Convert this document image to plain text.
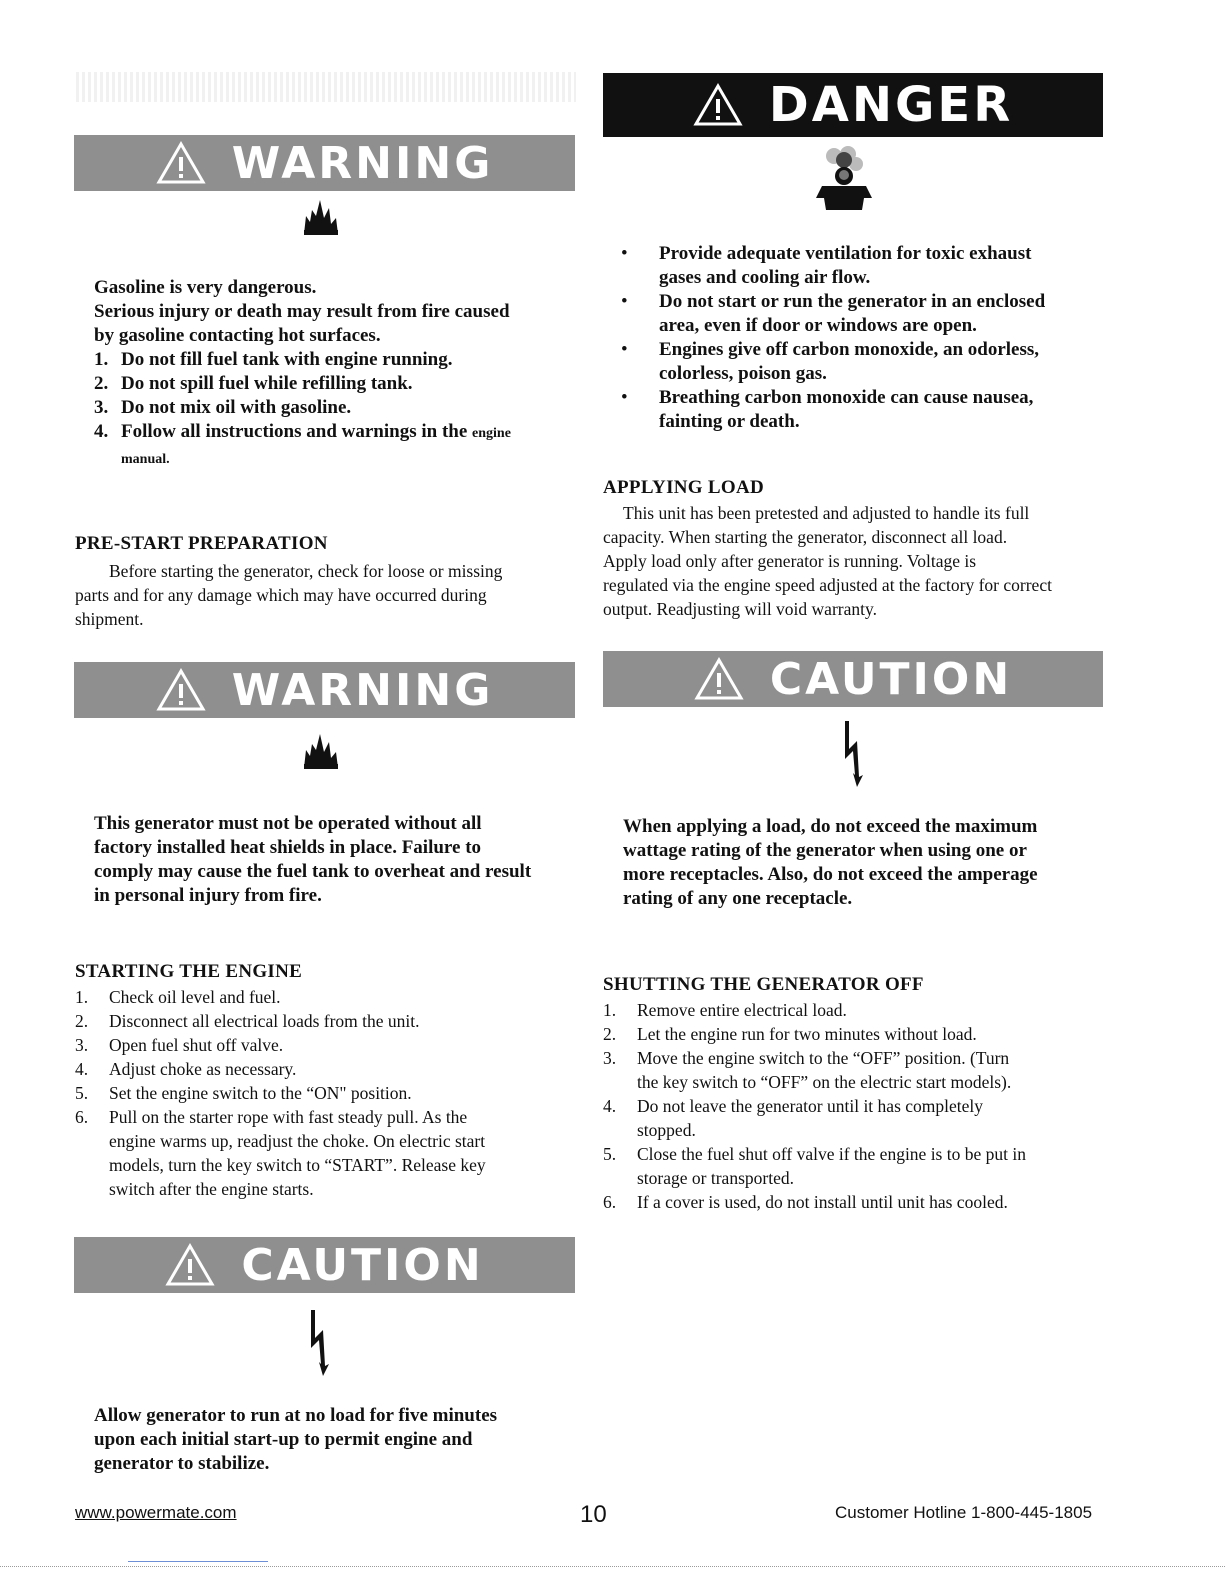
WARNING
Gasoline is very dangerous.
Serious injury or death may result from fire caused
by gasoline contacting hot surfaces.
1. Do not fill fuel tank with engine running.
2. Do not spill fuel while refilling tank.
3. Do not mix oil with gasoline.
4. Follow all instructions and warnings in the engine
manual.
PRE-START PREPARATION
Before starting the generator, check for loose or missing
parts and for any damage which may have occurred during
shipment.
WARNING
This generator must not be operated without all
factory installed heat shields in place. Failure to
comply may cause the fuel tank to overheat and result
in personal injury from fire.
STARTING THE ENGINE
1. Check oil level and fuel.
2. Disconnect all electrical loads from the unit.
3. Open fuel shut off valve.
4. Adjust choke as necessary.
5. Set the engine switch to the “ON" position.
6. Pull on the starter rope with fast steady pull. As the
engine warms up, readjust the choke. On electric start
models, turn the key switch to “START”. Release key
switch after the engine starts.
CAUTION
Allow generator to run at no load for five minutes
upon each initial start-up to permit engine and
generator to stabilize.
DANGER
• Provide adequate ventilation for toxic exhaust
gases and cooling air flow.
• Do not start or run the generator in an enclosed
area, even if door or windows are open.
• Engines give off carbon monoxide, an odorless,
colorless, poison gas.
• Breathing carbon monoxide can cause nausea,
fainting or death.
APPLYING LOAD
This unit has been pretested and adjusted to handle its full
capacity. When starting the generator, disconnect all load.
Apply load only after generator is running. Voltage is
regulated via the engine speed adjusted at the factory for correct
output. Readjusting will void warranty.
CAUTION
When applying a load, do not exceed the maximum
wattage rating of the generator when using one or
more receptacles. Also, do not exceed the amperage
rating of any one receptacle.
SHUTTING THE GENERATOR OFF
1. Remove entire electrical load.
2. Let the engine run for two minutes without load.
3. Move the engine switch to the “OFF” position. (Turn
the key switch to “OFF” on the electric start models).
4. Do not leave the generator until it has completely
stopped.
5. Close the fuel shut off valve if the engine is to be put in
storage or transported.
6. If a cover is used, do not install until unit has cooled.
www.powermate.com	10	Customer Hotline 1-800-445-1805
